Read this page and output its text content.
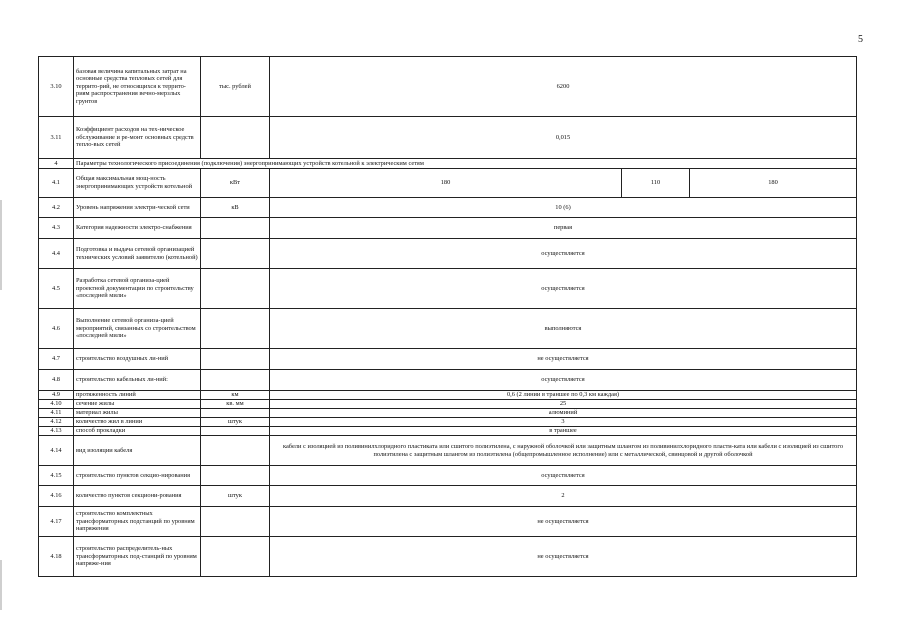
5
3.10	базовая величина капитальных затрат на основные средства тепловых сетей для террито-рий, не относящихся к террито-риям распространения вечно-мерзлых грунтов	тыс. рублей	6200		
3.11	Коэффициент расходов на тех-ническое обслуживание и ре-монт основных средств тепло-вых сетей		0,015		
4	Параметры технологического присоединения (подключения) энергопринимающих устройств котельной к электрическим сетям				
4.1	Общая максимальная мощ-ность энергопринимающих устройств котельной	кВт	180	110	180
4.2	Уровень напряжения электри-ческой сети	кВ	10 (6)		
4.3	Категория надежности электро-снабжения		первая		
4.4	Подготовка и выдача сетевой организацией технических условий заявителю (котельной)		осуществляется		
4.5	Разработка сетевой организа-цией проектной документации по строительству «последней мили»		осуществляется		
4.6	Выполнение сетевой организа-цией мероприятий, связанных со строительством «последней мили»		выполняются		
4.7	строительство воздушных ли-ний		не осуществляется		
4.8	строительство кабельных ли-ний:		осуществляется		
4.9	протяженность линий	км	0,6 (2 линии в траншее по 0,3 км каждая)		
4.10	сечение жилы	кв. мм	25		
4.11	материал жилы		алюминий		
4.12	количество жил в линии	штук	3		
4.13	способ прокладки		в траншее		
4.14	вид изоляции кабеля		кабели с изоляцией из поливинилхлоридного пластиката или сшитого полиэтилена, с наружной оболочкой или защитным шлангом из поливинилхлоридного пласти-ката или кабели с изоляцией из сшитого полиэтилена с защитным шлангом из полиэтилена (общепромышленное исполнение) или с металлической, свинцовой и другой оболочкой		
4.15	строительство пунктов секцио-нирования		осуществляется		
4.16	количество пунктов секциони-рования	штук	2		
4.17	строительство комплектных трансформаторных подстанций по уровням напряжения		не осуществляется		
4.18	строительство распределитель-ных трансформаторных под-станций по уровням напряже-ния		не осуществляется		
